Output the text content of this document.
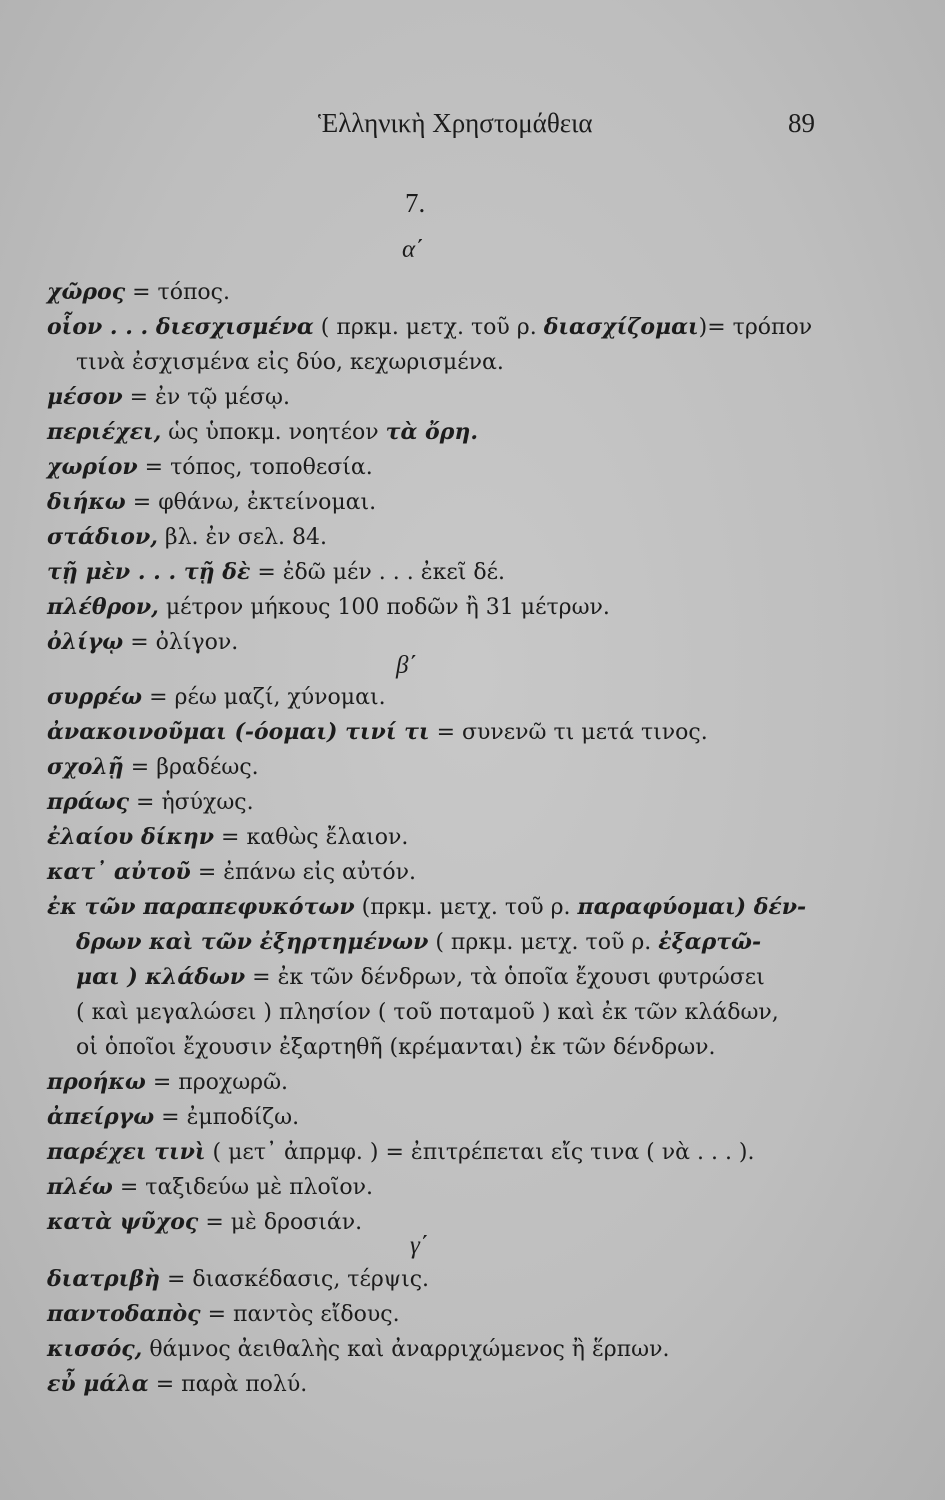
Ἑλληνικὴ Χρηστομάθεια	89
7.
α΄
χῶρος = τόπος.
οἷον . . . διεσχισμένα ( πρκμ. μετχ. τοῦ ρ. διασχίζομαι)= τρόπον
τινὰ ἐσχισμένα εἰς δύο, κεχωρισμένα.
μέσον = ἐν τῷ μέσῳ.
περιέχει, ὡς ὑποκμ. νοητέον τὰ ὄρη.
χωρίον = τόπος, τοποθεσία.
διήκω = φθάνω, ἐκτείνομαι.
στάδιον, βλ. ἐν σελ. 84.
τῇ μὲν . . . τῇ δὲ = ἐδῶ μέν . . . ἐκεῖ δέ.
πλέθρον, μέτρον μήκους 100 ποδῶν ἢ 31 μέτρων.
ὀλίγῳ = ὀλίγον.
β΄
συρρέω = ρέω μαζί, χύνομαι.
ἀνακοινοῦμαι (-όομαι) τινί τι = συνενῶ τι μετά τινος.
σχολῇ = βραδέως.
πράως = ἡσύχως.
ἐλαίου δίκην = καθὼς ἔλαιον.
κατ᾽ αὐτοῦ = ἐπάνω εἰς αὐτόν.
ἐκ τῶν παραπεφυκότων (πρκμ. μετχ. τοῦ ρ. παραφύομαι) δέν-
δρων καὶ τῶν ἐξηρτημένων ( πρκμ. μετχ. τοῦ ρ. ἐξαρτῶ-
μαι ) κλάδων = ἐκ τῶν δένδρων, τὰ ὁποῖα ἔχουσι φυτρώσει
( καὶ μεγαλώσει ) πλησίον ( τοῦ ποταμοῦ ) καὶ ἐκ τῶν κλάδων,
οἱ ὁποῖοι ἔχουσιν ἐξαρτηθῆ (κρέμανται) ἐκ τῶν δένδρων.
προήκω = προχωρῶ.
ἀπείργω = ἐμποδίζω.
παρέχει τινὶ ( μετ᾽ ἀπρμφ. ) = ἐπιτρέπεται εἴς τινα ( νὰ . . . ).
πλέω = ταξιδεύω μὲ πλοῖον.
κατὰ ψῦχος = μὲ δροσιάν.
γ΄
διατριβὴ = διασκέδασις, τέρψις.
παντοδαπὸς = παντὸς εἴδους.
κισσός, θάμνος ἀειθαλὴς καὶ ἀναρριχώμενος ἢ ἕρπων.
εὖ μάλα = παρὰ πολύ.
